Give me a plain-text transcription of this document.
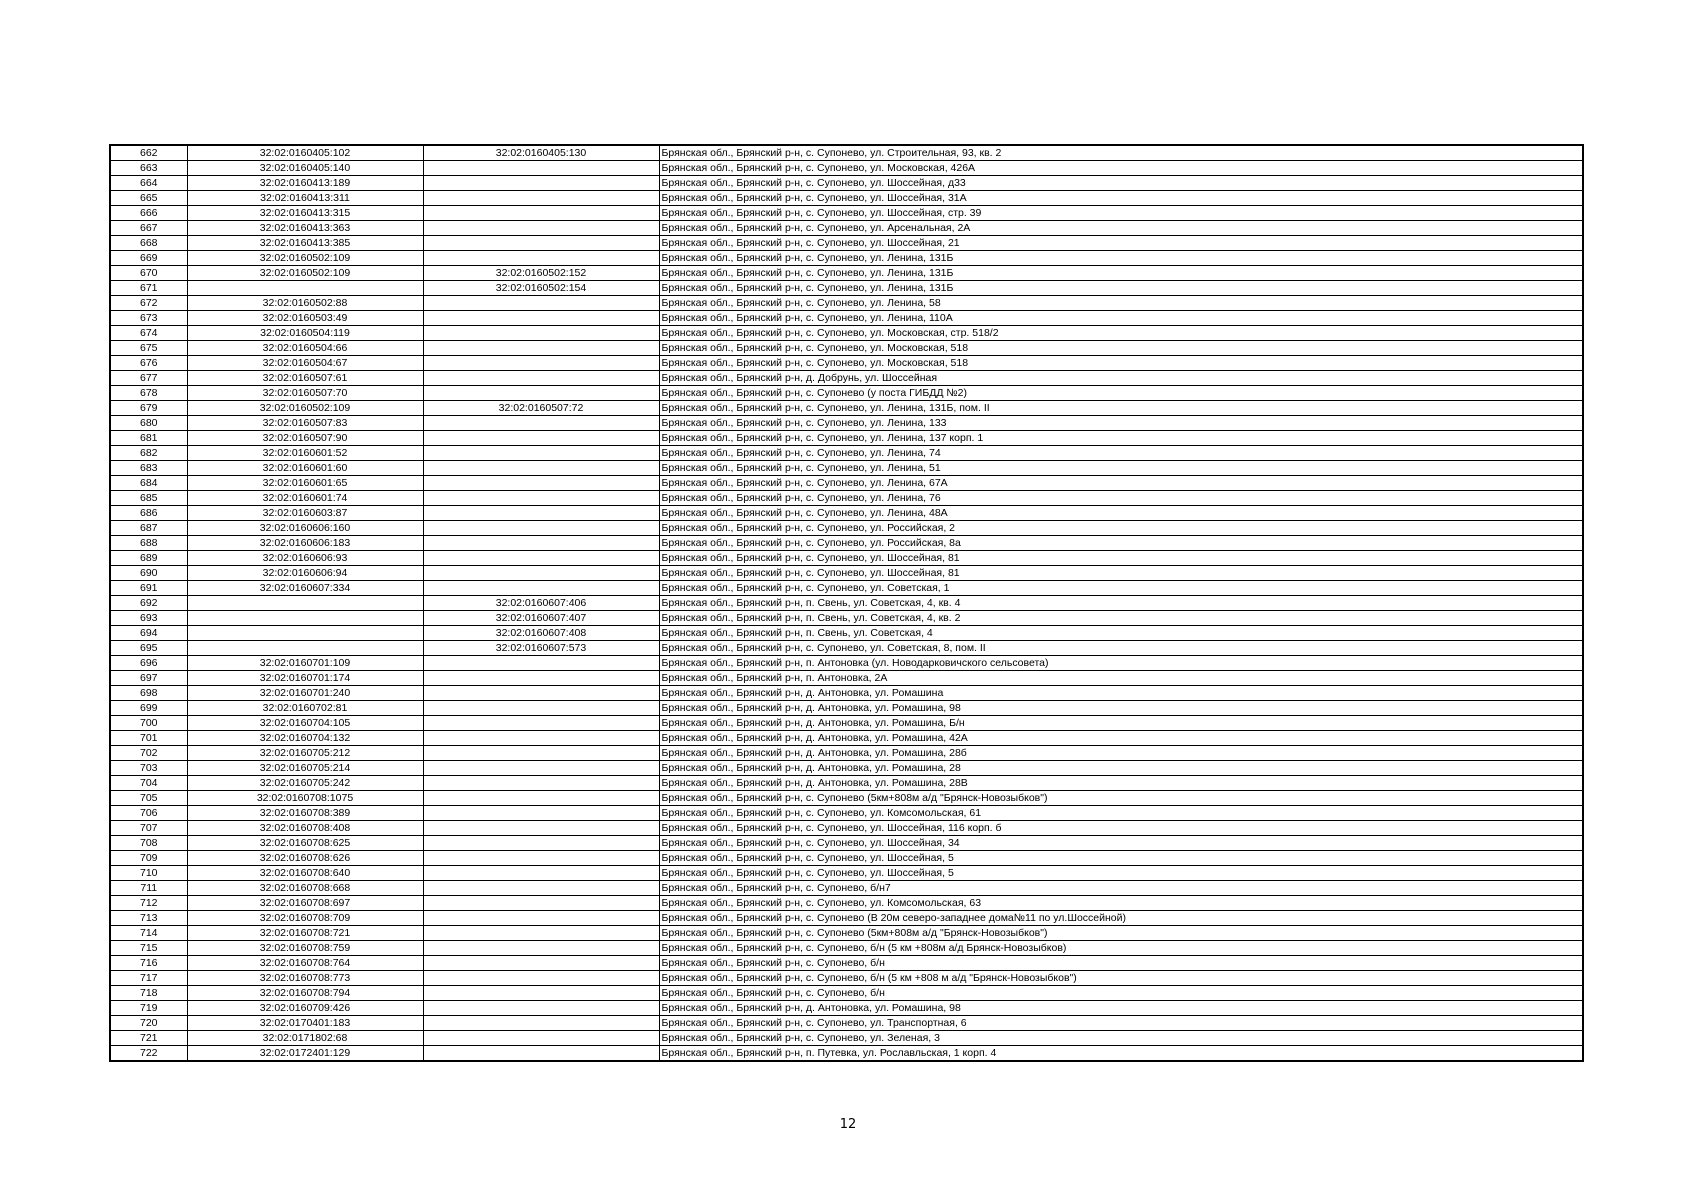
662	32:02:0160405:102	32:02:0160405:130	Брянская обл., Брянский р-н, с. Супонево, ул. Строительная, 93, кв. 2
663	32:02:0160405:140		Брянская обл., Брянский р-н, с. Супонево, ул. Московская, 426А
664	32:02:0160413:189		Брянская обл., Брянский р-н, с. Супонево, ул. Шоссейная, д33
665	32:02:0160413:311		Брянская обл., Брянский р-н, с. Супонево, ул. Шоссейная, 31А
666	32:02:0160413:315		Брянская обл., Брянский р-н, с. Супонево, ул. Шоссейная, стр. 39
667	32:02:0160413:363		Брянская обл., Брянский р-н, с. Супонево, ул. Арсенальная, 2А
668	32:02:0160413:385		Брянская обл., Брянский р-н, с. Супонево, ул. Шоссейная, 21
669	32:02:0160502:109		Брянская обл., Брянский р-н, с. Супонево, ул. Ленина, 131Б
670	32:02:0160502:109	32:02:0160502:152	Брянская обл., Брянский р-н, с. Супонево, ул. Ленина, 131Б
671		32:02:0160502:154	Брянская обл., Брянский р-н, с. Супонево, ул. Ленина, 131Б
672	32:02:0160502:88		Брянская обл., Брянский р-н, с. Супонево, ул. Ленина, 58
673	32:02:0160503:49		Брянская обл., Брянский р-н, с. Супонево, ул. Ленина, 110А
674	32:02:0160504:119		Брянская обл., Брянский р-н, с. Супонево, ул. Московская, стр. 518/2
675	32:02:0160504:66		Брянская обл., Брянский р-н, с. Супонево, ул. Московская, 518
676	32:02:0160504:67		Брянская обл., Брянский р-н, с. Супонево, ул. Московская, 518
677	32:02:0160507:61		Брянская обл., Брянский р-н, д. Добрунь, ул. Шоссейная
678	32:02:0160507:70		Брянская обл., Брянский р-н, с. Супонево (у поста ГИБДД №2)
679	32:02:0160502:109	32:02:0160507:72	Брянская обл., Брянский р-н, с. Супонево, ул. Ленина, 131Б, пом. II
680	32:02:0160507:83		Брянская обл., Брянский р-н, с. Супонево, ул. Ленина, 133
681	32:02:0160507:90		Брянская обл., Брянский р-н, с. Супонево, ул. Ленина, 137 корп. 1
682	32:02:0160601:52		Брянская обл., Брянский р-н, с. Супонево, ул. Ленина, 74
683	32:02:0160601:60		Брянская обл., Брянский р-н, с. Супонево, ул. Ленина, 51
684	32:02:0160601:65		Брянская обл., Брянский р-н, с. Супонево, ул. Ленина, 67А
685	32:02:0160601:74		Брянская обл., Брянский р-н, с. Супонево, ул. Ленина, 76
686	32:02:0160603:87		Брянская обл., Брянский р-н, с. Супонево, ул. Ленина, 48А
687	32:02:0160606:160		Брянская обл., Брянский р-н, с. Супонево, ул. Российская, 2
688	32:02:0160606:183		Брянская обл., Брянский р-н, с. Супонево, ул. Российская, 8а
689	32:02:0160606:93		Брянская обл., Брянский р-н, с. Супонево, ул. Шоссейная, 81
690	32:02:0160606:94		Брянская обл., Брянский р-н, с. Супонево, ул. Шоссейная, 81
691	32:02:0160607:334		Брянская обл., Брянский р-н, с. Супонево, ул. Советская, 1
692		32:02:0160607:406	Брянская обл., Брянский р-н, п. Свень, ул. Советская, 4, кв. 4
693		32:02:0160607:407	Брянская обл., Брянский р-н, п. Свень, ул. Советская, 4, кв. 2
694		32:02:0160607:408	Брянская обл., Брянский р-н, п. Свень, ул. Советская, 4
695		32:02:0160607:573	Брянская обл., Брянский р-н, с. Супонево, ул. Советская, 8, пом. II
696	32:02:0160701:109		Брянская обл., Брянский р-н, п. Антоновка (ул. Новодарковичского сельсовета)
697	32:02:0160701:174		Брянская обл., Брянский р-н, п. Антоновка, 2А
698	32:02:0160701:240		Брянская обл., Брянский р-н, д. Антоновка, ул. Ромашина
699	32:02:0160702:81		Брянская обл., Брянский р-н, д. Антоновка, ул. Ромашина, 98
700	32:02:0160704:105		Брянская обл., Брянский р-н, д. Антоновка, ул. Ромашина, Б/н
701	32:02:0160704:132		Брянская обл., Брянский р-н, д. Антоновка, ул. Ромашина, 42А
702	32:02:0160705:212		Брянская обл., Брянский р-н, д. Антоновка, ул. Ромашина, 28б
703	32:02:0160705:214		Брянская обл., Брянский р-н, д. Антоновка, ул. Ромашина, 28
704	32:02:0160705:242		Брянская обл., Брянский р-н, д. Антоновка, ул. Ромашина, 28В
705	32:02:0160708:1075		Брянская обл., Брянский р-н, с. Супонево (5км+808м а/д "Брянск-Новозыбков")
706	32:02:0160708:389		Брянская обл., Брянский р-н, с. Супонево, ул. Комсомольская, 61
707	32:02:0160708:408		Брянская обл., Брянский р-н, с. Супонево, ул. Шоссейная, 116 корп. б
708	32:02:0160708:625		Брянская обл., Брянский р-н, с. Супонево, ул. Шоссейная, 34
709	32:02:0160708:626		Брянская обл., Брянский р-н, с. Супонево, ул. Шоссейная, 5
710	32:02:0160708:640		Брянская обл., Брянский р-н, с. Супонево, ул. Шоссейная, 5
711	32:02:0160708:668		Брянская обл., Брянский р-н, с. Супонево, б/н7
712	32:02:0160708:697		Брянская обл., Брянский р-н, с. Супонево, ул. Комсомольская, 63
713	32:02:0160708:709		Брянская обл., Брянский р-н, с. Супонево (В 20м северо-западнее дома№11 по ул.Шоссейной)
714	32:02:0160708:721		Брянская обл., Брянский р-н, с. Супонево (5км+808м а/д "Брянск-Новозыбков")
715	32:02:0160708:759		Брянская обл., Брянский р-н, с. Супонево, б/н (5 км +808м а/д Брянск-Новозыбков)
716	32:02:0160708:764		Брянская обл., Брянский р-н, с. Супонево, б/н
717	32:02:0160708:773		Брянская обл., Брянский р-н, с. Супонево, б/н (5 км +808 м а/д "Брянск-Новозыбков")
718	32:02:0160708:794		Брянская обл., Брянский р-н, с. Супонево, б/н
719	32:02:0160709:426		Брянская обл., Брянский р-н, д. Антоновка, ул. Ромашина, 98
720	32:02:0170401:183		Брянская обл., Брянский р-н, с. Супонево, ул. Транспортная, 6
721	32:02:0171802:68		Брянская обл., Брянский р-н, с. Супонево, ул. Зеленая, 3
722	32:02:0172401:129		Брянская обл., Брянский р-н, п. Путевка, ул. Рославльская, 1 корп. 4
12
